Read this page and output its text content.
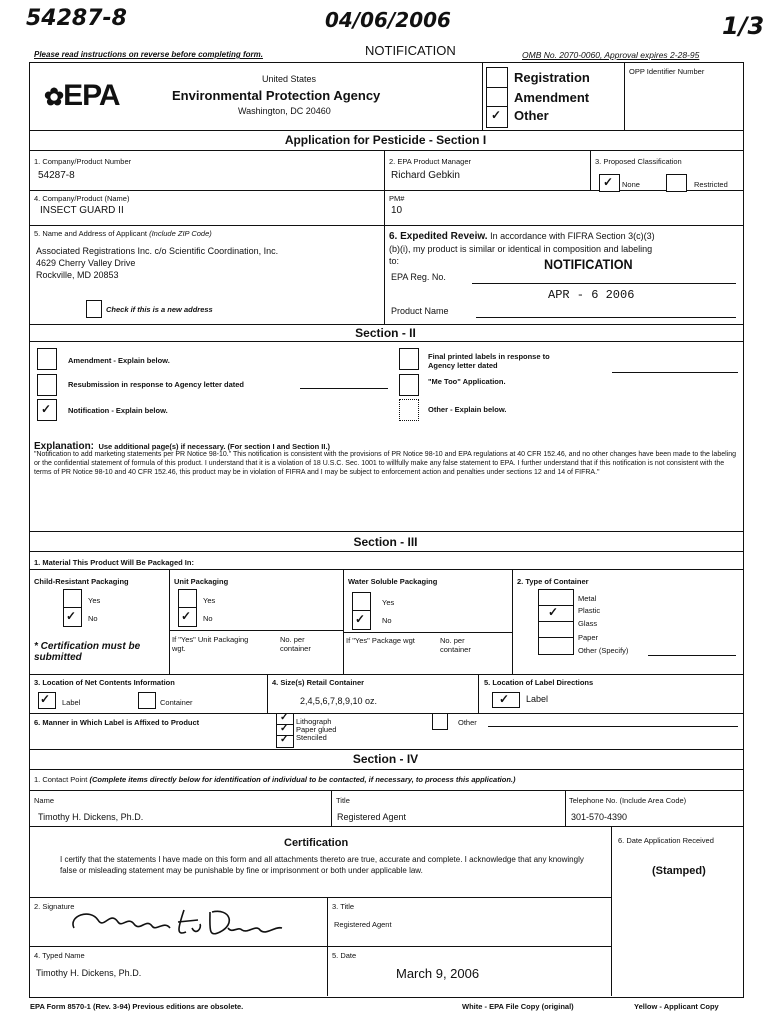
54287-8	04/06/2006	1/3
Please read instructions on reverse before completing form.	NOTIFICATION	OMB No. 2070-0060, Approval expires 2-28-95
✿EPA	United States
Environmental Protection Agency
Washington, DC 20460	✓
Registration
Amendment
Other
OPP Identifier Number
Application for Pesticide - Section I
1. Company/Product Number
54287-8
2. EPA Product Manager
Richard Gebkin
3. Proposed Classification
✓ None	Restricted
4. Company/Product (Name)
INSECT GUARD II
PM#
10
5. Name and Address of Applicant (Include ZIP Code)
Associated Registrations Inc. c/o Scientific Coordination, Inc.
4629 Cherry Valley Drive
Rockville, MD 20853
Check if this is a new address
6. Expedited Reveiw. In accordance with FIFRA Section 3(c)(3)
(b)(i), my product is similar or identical in composition and labeling
to:
EPA Reg. No.
NOTIFICATION
APR - 6 2006
Product Name
Section - II
Amendment - Explain below.
Resubmission in response to Agency letter dated
✓ Notification - Explain below.
Final printed labels in response to
Agency letter dated
"Me Too" Application.
Other - Explain below.
Explanation: Use additional page(s) if necessary. (For section I and Section II.)
"Notification to add marketing statements per PR Notice 98-10." This notification is consistent with the provisions of PR Notice 98-10 and EPA regulations at 40 CFR 152.46, and no other changes have been made to the labeling or the confidential statement of formula of this product. I understand that it is a violation of 18 U.S.C. Sec. 1001 to willfully make any false statement to EPA. I further understand that if this notification is not consistent with the terms of PR Notice 98-10 and 40 CFR 152.46, this product may be in violation of FIFRA and I may be subject to enforcement action and penalties under sections 12 and 14 of FIFRA."
Section - III
1. Material This Product Will Be Packaged In:
Child-Resistant Packaging
Yes
✓ No
* Certification must be submitted
Unit Packaging
Yes
✓ No
If "Yes" Unit Packaging wgt.
No. per container
Water Soluble Packaging
Yes
✓ No
If "Yes" Package wgt	No. per container
2. Type of Container
✓
Metal
Plastic
Glass
Paper
Other (Specify)
3. Location of Net Contents Information
✓ Label	Container
4. Size(s) Retail Container
2,4,5,6,7,8,9,10 oz.
5. Location of Label Directions
✓ Label
6. Manner in Which Label is Affixed to Product	✓
✓
✓
Lithograph
Paper glued
Stenciled
Other
Section - IV
1. Contact Point (Complete items directly below for identification of individual to be contacted, if necessary, to process this application.)
Name
Timothy H. Dickens, Ph.D.
Title
Registered Agent
Telephone No. (Include Area Code)
301-570-4390
Certification
I certify that the statements I have made on this form and all attachments thereto are true, accurate and complete. I acknowledge that any knowingly false or misleading statement may be punishable by fine or imprisonment or both under applicable law.
6. Date Application Received
(Stamped)
2. Signature	3. Title
Registered Agent
4. Typed Name
Timothy H. Dickens, Ph.D.
5. Date
March 9, 2006
EPA Form 8570-1 (Rev. 3-94) Previous editions are obsolete.	White - EPA File Copy (original)	Yellow - Applicant Copy
